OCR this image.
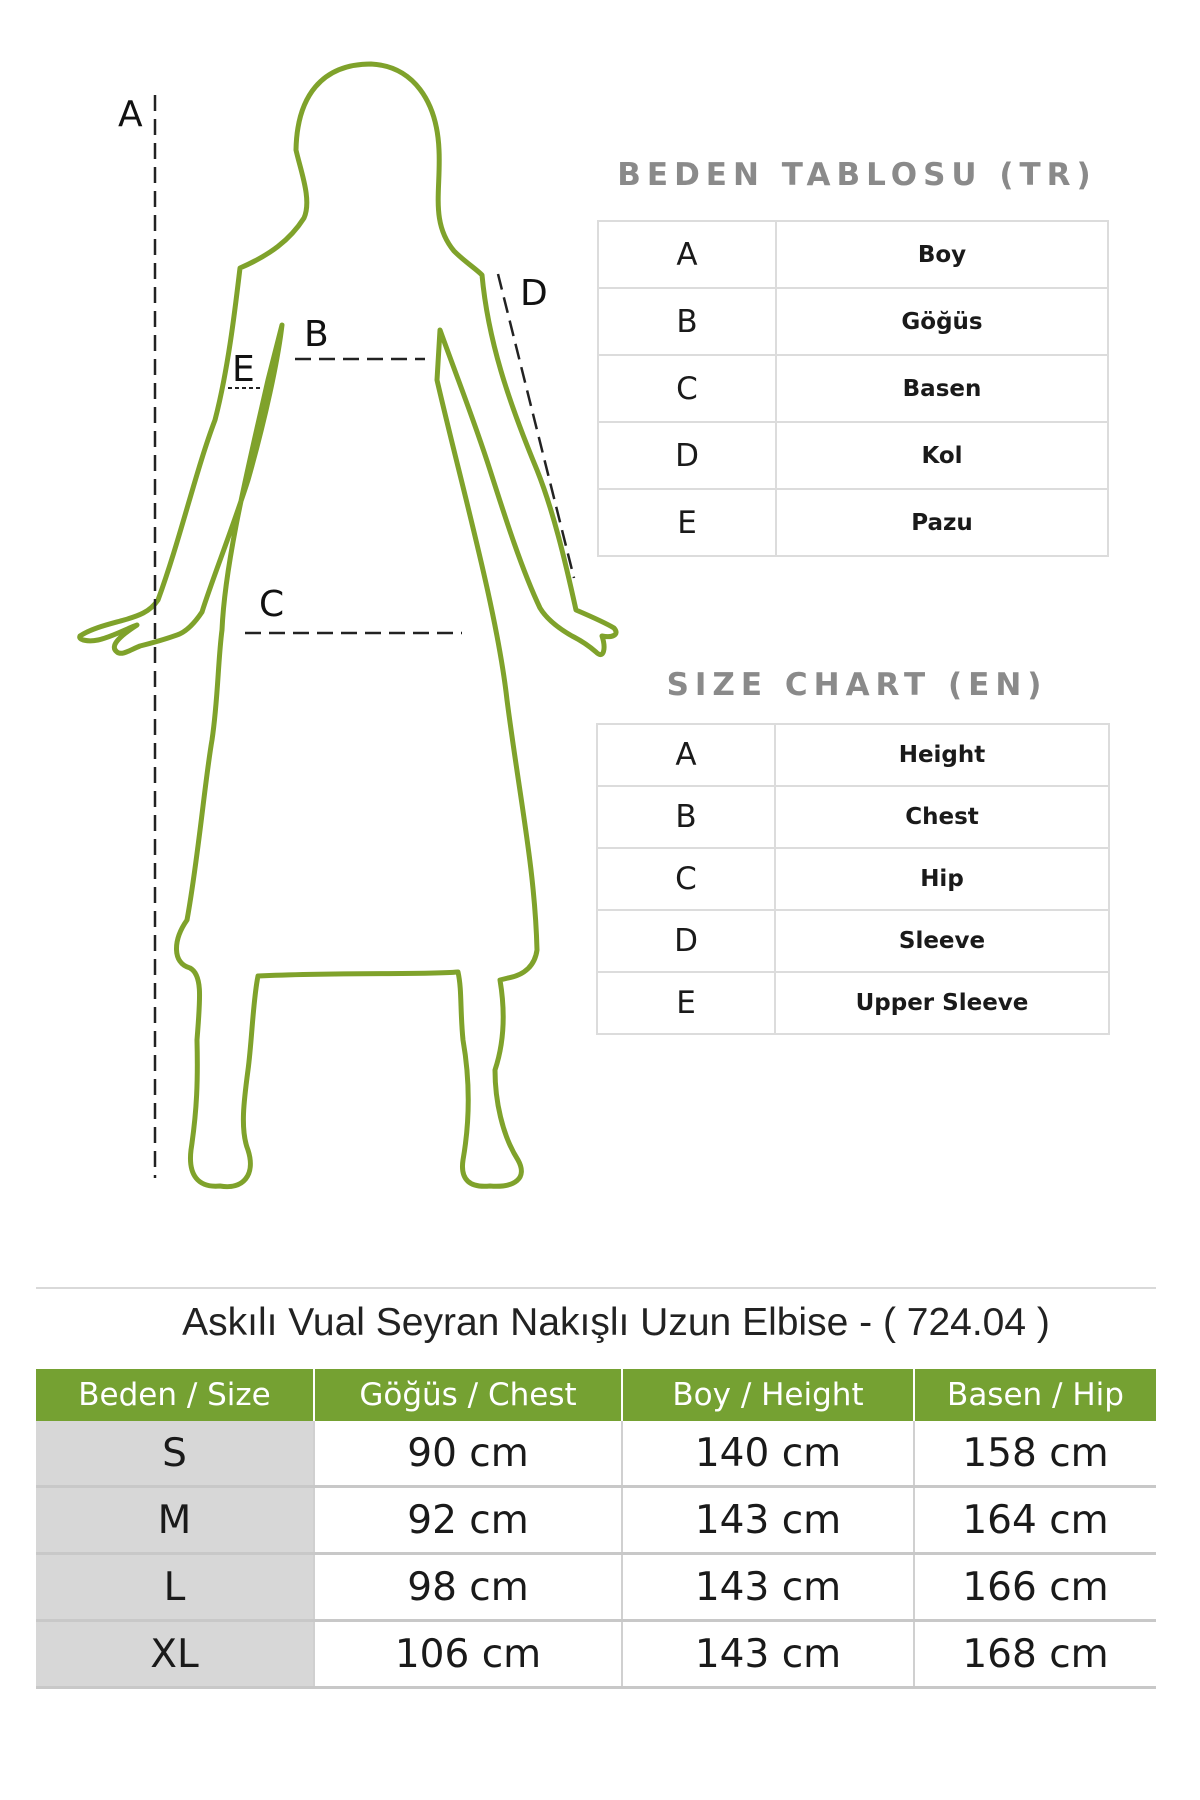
A
B
C
D
E
BEDEN TABLOSU (TR)
A	Boy
B	Göğüs
C	Basen
D	Kol
E	Pazu
SIZE CHART (EN)
A	Height
B	Chest
C	Hip
D	Sleeve
E	Upper Sleeve
Askılı Vual Seyran Nakışlı Uzun Elbise - ( 724.04 )
Beden / Size	Göğüs / Chest	Boy / Height	Basen / Hip
S	90 cm	140 cm	158 cm
M	92 cm	143 cm	164 cm
L	98 cm	143 cm	166 cm
XL	106 cm	143 cm	168 cm
